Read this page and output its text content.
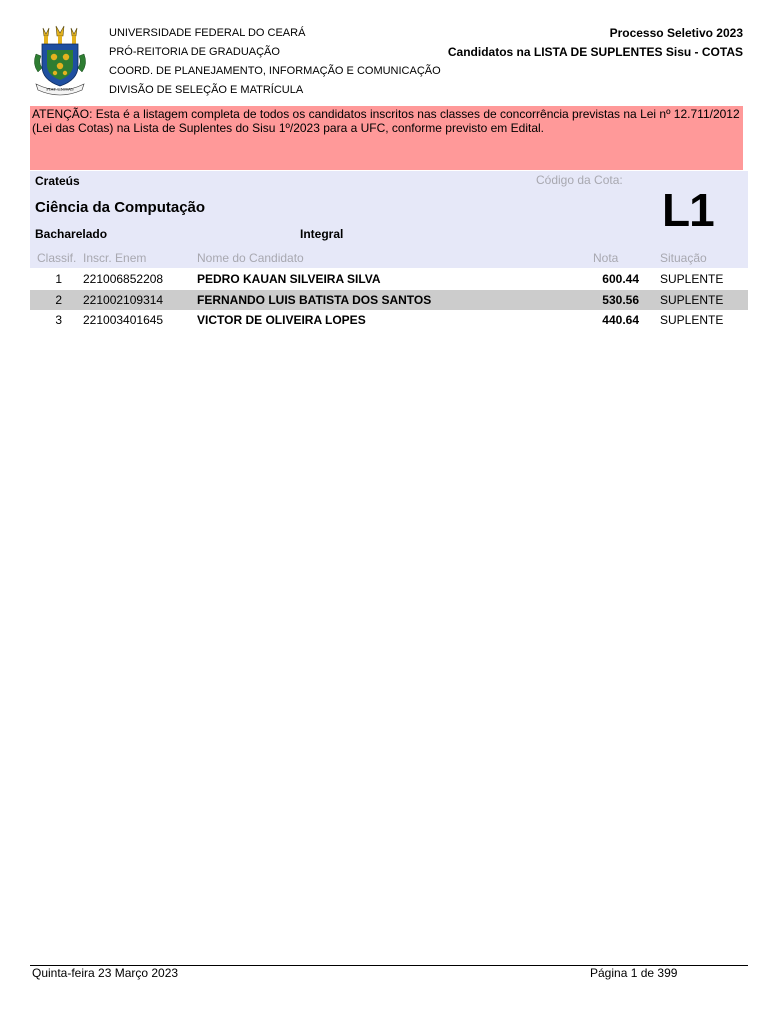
FIAT UNITAS
UNIVERSIDADE FEDERAL DO CEARÁ
PRÓ-REITORIA DE GRADUAÇÃO
COORD. DE PLANEJAMENTO, INFORMAÇÃO E COMUNICAÇÃO
DIVISÃO DE SELEÇÃO E MATRÍCULA
Processo Seletivo 2023
Candidatos na LISTA DE SUPLENTES Sisu - COTAS
ATENÇÃO: Esta é a listagem completa de todos os candidatos inscritos nas classes de concorrência previstas na Lei nº 12.711/2012 (Lei das Cotas) na Lista de Suplentes do Sisu 1º/2023 para a UFC, conforme previsto em Edital.
Crateús	Código da Cota:
L1
Ciência da Computação
Bacharelado	Integral
Classif. Inscr. Enem	Nome do Candidato	Nota	Situação
1 221006852208	PEDRO KAUAN SILVEIRA SILVA	600.44 SUPLENTE
2 221002109314	FERNANDO LUIS BATISTA DOS SANTOS	530.56 SUPLENTE
3 221003401645	VICTOR DE OLIVEIRA LOPES	440.64 SUPLENTE
Quinta-feira 23 Março 2023	Página 1 de 399
